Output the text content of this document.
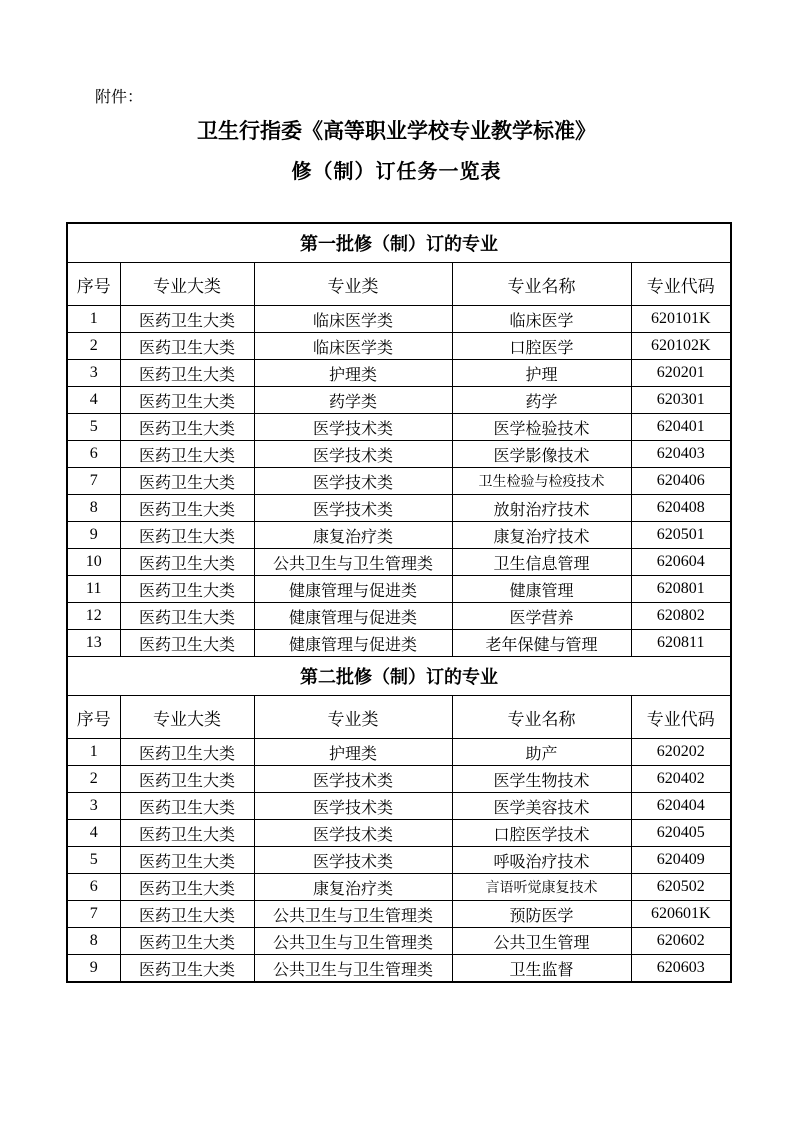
附件：
卫生行指委《高等职业学校专业教学标准》
修（制）订任务一览表
第一批修（制）订的专业				
序号	专业大类	专业类	专业名称	专业代码
1	医药卫生大类	临床医学类	临床医学	620101K
2	医药卫生大类	临床医学类	口腔医学	620102K
3	医药卫生大类	护理类	护理	620201
4	医药卫生大类	药学类	药学	620301
5	医药卫生大类	医学技术类	医学检验技术	620401
6	医药卫生大类	医学技术类	医学影像技术	620403
7	医药卫生大类	医学技术类	卫生检验与检疫技术	620406
8	医药卫生大类	医学技术类	放射治疗技术	620408
9	医药卫生大类	康复治疗类	康复治疗技术	620501
10	医药卫生大类	公共卫生与卫生管理类	卫生信息管理	620604
11	医药卫生大类	健康管理与促进类	健康管理	620801
12	医药卫生大类	健康管理与促进类	医学营养	620802
13	医药卫生大类	健康管理与促进类	老年保健与管理	620811
第二批修（制）订的专业				
序号	专业大类	专业类	专业名称	专业代码
1	医药卫生大类	护理类	助产	620202
2	医药卫生大类	医学技术类	医学生物技术	620402
3	医药卫生大类	医学技术类	医学美容技术	620404
4	医药卫生大类	医学技术类	口腔医学技术	620405
5	医药卫生大类	医学技术类	呼吸治疗技术	620409
6	医药卫生大类	康复治疗类	言语听觉康复技术	620502
7	医药卫生大类	公共卫生与卫生管理类	预防医学	620601K
8	医药卫生大类	公共卫生与卫生管理类	公共卫生管理	620602
9	医药卫生大类	公共卫生与卫生管理类	卫生监督	620603
